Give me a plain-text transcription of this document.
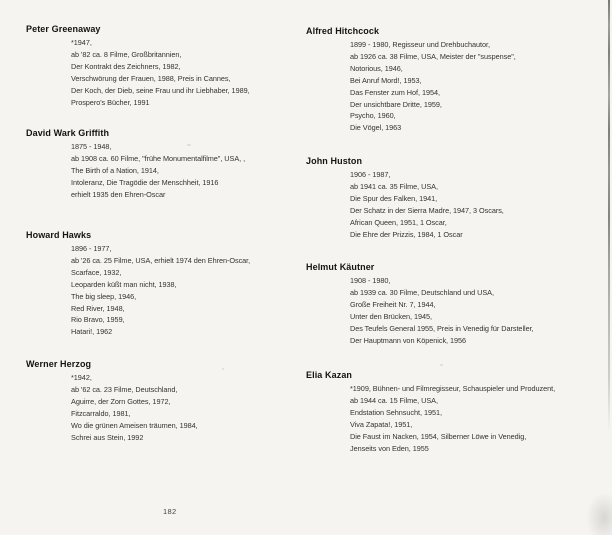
Peter Greenaway
*1947,
ab '82 ca. 8 Filme, Großbritannien,
Der Kontrakt des Zeichners, 1982,
Verschwörung der Frauen, 1988, Preis in Cannes,
Der Koch, der Dieb, seine Frau und ihr Liebhaber, 1989,
Prospero's Bücher, 1991
David Wark Griffith
1875 - 1948,
ab 1908 ca. 60 Filme, "frühe Monumentalfilme", USA, ,
The Birth of a Nation, 1914,
Intoleranz, Die Tragödie der Menschheit, 1916
erhielt 1935 den Ehren-Oscar
Howard Hawks
1896 - 1977,
ab '26 ca. 25 Filme, USA, erhielt 1974 den Ehren-Oscar,
Scarface, 1932,
Leoparden küßt man nicht, 1938,
The big sleep, 1946,
Red River, 1948,
Rio Bravo, 1959,
Hatari!, 1962
Werner Herzog
*1942,
ab '62 ca. 23 Filme, Deutschland,
Aguirre, der Zorn Gottes, 1972,
Fitzcarraldo, 1981,
Wo die grünen Ameisen träumen, 1984,
Schrei aus Stein, 1992
Alfred Hitchcock
1899 - 1980, Regisseur und Drehbuchautor,
ab 1926 ca. 38 Filme, USA, Meister der "suspense",
Notorious, 1946,
Bei Anruf Mord!, 1953,
Das Fenster zum Hof, 1954,
Der unsichtbare Dritte, 1959,
Psycho, 1960,
Die Vögel, 1963
John Huston
1906 - 1987,
ab 1941 ca. 35 Filme, USA,
Die Spur des Falken, 1941,
Der Schatz in der Sierra Madre, 1947, 3 Oscars,
African Queen, 1951, 1 Oscar,
Die Ehre der Prizzis, 1984, 1 Oscar
Helmut Käutner
1908 - 1980,
ab 1939 ca. 30 Filme, Deutschland und USA,
Große Freiheit Nr. 7, 1944,
Unter den Brücken, 1945,
Des Teufels General 1955, Preis in Venedig für Darsteller,
Der Hauptmann von Köpenick, 1956
Elia Kazan
*1909, Bühnen- und Filmregisseur, Schauspieler und Produzent,
ab 1944 ca. 15 Filme, USA,
Endstation Sehnsucht, 1951,
Viva Zapata!, 1951,
Die Faust im Nacken, 1954, Silberner Löwe in Venedig,
Jenseits von Eden, 1955
182
